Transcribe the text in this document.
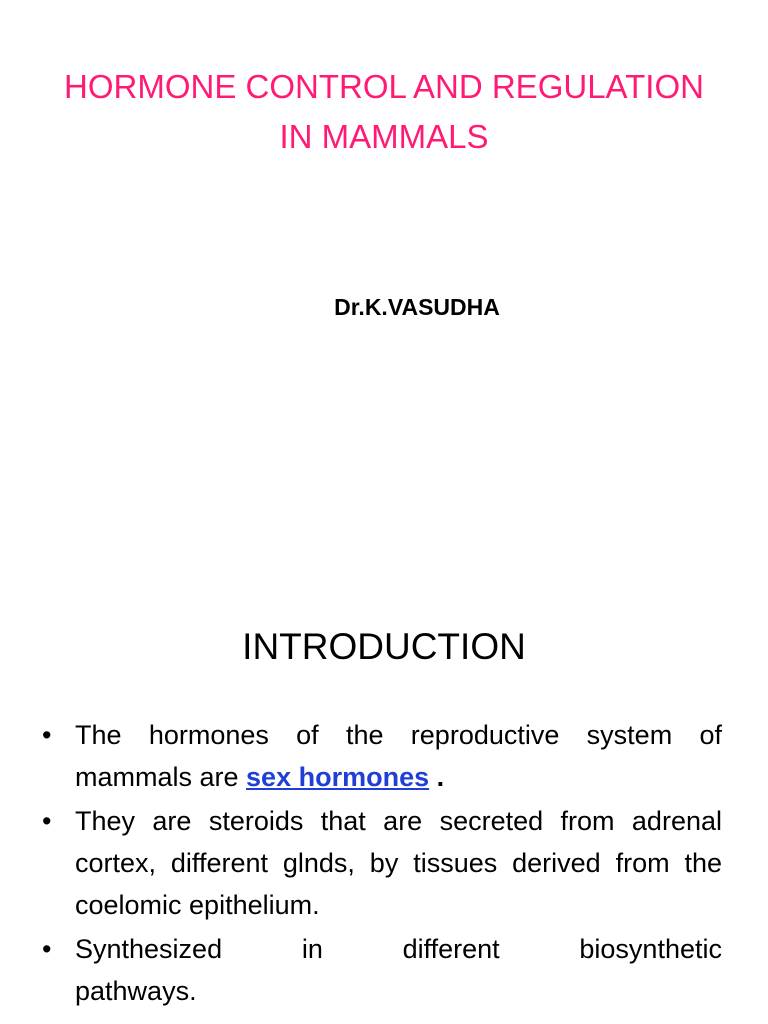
HORMONE CONTROL AND REGULATION
IN MAMMALS
Dr.K.VASUDHA
INTRODUCTION
• The hormones of the reproductive system of mammals are sex hormones .
• They are steroids that are secreted from adrenal cortex, different glnds, by tissues derived from the coelomic epithelium.
• Synthesized	in	different	biosynthetic
pathways.
